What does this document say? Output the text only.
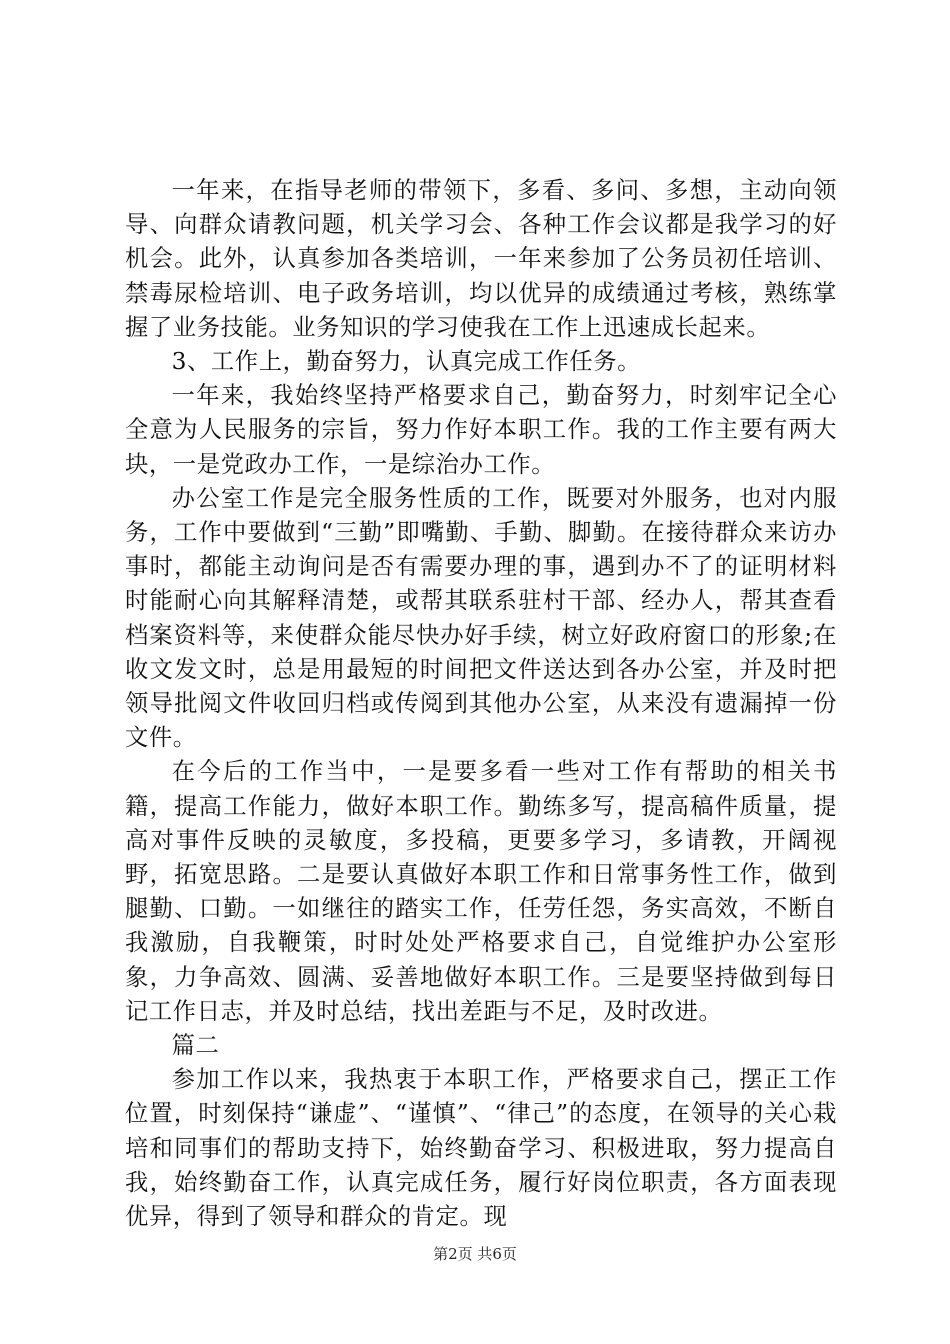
一年来，在指导老师的带领下，多看、多问、多想，主动向领导、向群众请教问题，机关学习会、各种工作会议都是我学习的好机会。此外，认真参加各类培训，一年来参加了公务员初任培训、禁毒尿检培训、电子政务培训，均以优异的成绩通过考核，熟练掌握了业务技能。业务知识的学习使我在工作上迅速成长起来。

3、工作上，勤奋努力，认真完成工作任务。

一年来，我始终坚持严格要求自己，勤奋努力，时刻牢记全心全意为人民服务的宗旨，努力作好本职工作。我的工作主要有两大块，一是党政办工作，一是综治办工作。

办公室工作是完全服务性质的工作，既要对外服务，也对内服务，工作中要做到“三勤”即嘴勤、手勤、脚勤。在接待群众来访办事时，都能主动询问是否有需要办理的事，遇到办不了的证明材料时能耐心向其解释清楚，或帮其联系驻村干部、经办人，帮其查看档案资料等，来使群众能尽快办好手续，树立好政府窗口的形象;在收文发文时，总是用最短的时间把文件送达到各办公室，并及时把领导批阅文件收回归档或传阅到其他办公室，从来没有遗漏掉一份文件。

在今后的工作当中，一是要多看一些对工作有帮助的相关书籍，提高工作能力，做好本职工作。勤练多写，提高稿件质量，提高对事件反映的灵敏度，多投稿，更要多学习，多请教，开阔视野，拓宽思路。二是要认真做好本职工作和日常事务性工作，做到腿勤、口勤。一如继往的踏实工作，任劳任怨，务实高效，不断自我激励，自我鞭策，时时处处严格要求自己，自觉维护办公室形象，力争高效、圆满、妥善地做好本职工作。三是要坚持做到每日记工作日志，并及时总结，找出差距与不足，及时改进。

篇二

参加工作以来，我热衷于本职工作，严格要求自己，摆正工作位置，时刻保持“谦虚”、“谨慎”、“律己”的态度，在领导的关心栽培和同事们的帮助支持下，始终勤奋学习、积极进取，努力提高自我，始终勤奋工作，认真完成任务，履行好岗位职责，各方面表现优异，得到了领导和群众的肯定。现

第2页 共6页
